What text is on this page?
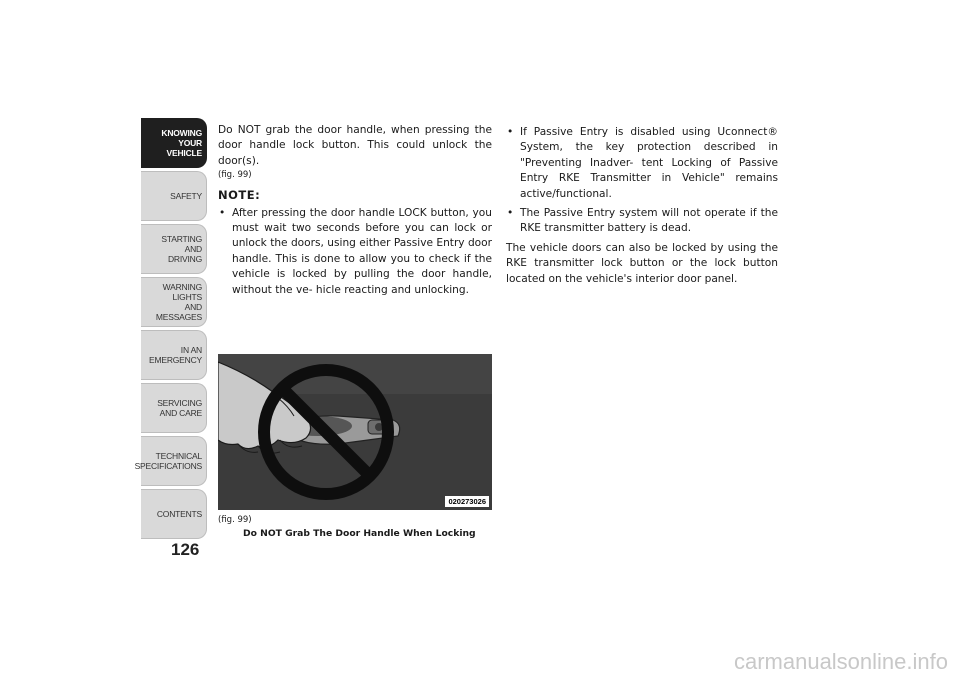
KNOWING
YOUR
VEHICLE
SAFETY
STARTING
AND
DRIVING
WARNING
LIGHTS
AND
MESSAGES
IN AN
EMERGENCY
SERVICING
AND CARE
TECHNICAL
SPECIFICATIONS
CONTENTS
126

Do NOT grab the door handle, when pressing the door handle lock button. This could unlock the door(s).

(fig. 99)
NOTE:
• After pressing the door handle LOCK button, you must wait two seconds before you can lock or unlock the doors, using either Passive Entry door handle. This is done to allow you to check if the vehicle is locked by pulling the door handle, without the ve- hicle reacting and unlocking.
• If Passive Entry is disabled using Uconnect® System, the key protection described in "Preventing Inadver- tent Locking of Passive Entry RKE Transmitter in Vehicle" remains active/functional.
• The Passive Entry system will not operate if the RKE transmitter battery is dead.

The vehicle doors can also be locked by using the RKE transmitter lock button or the lock button located on the vehicle's interior door panel.

020273026
(fig. 99)
Do NOT Grab The Door Handle When Locking
carmanualsonline.info
